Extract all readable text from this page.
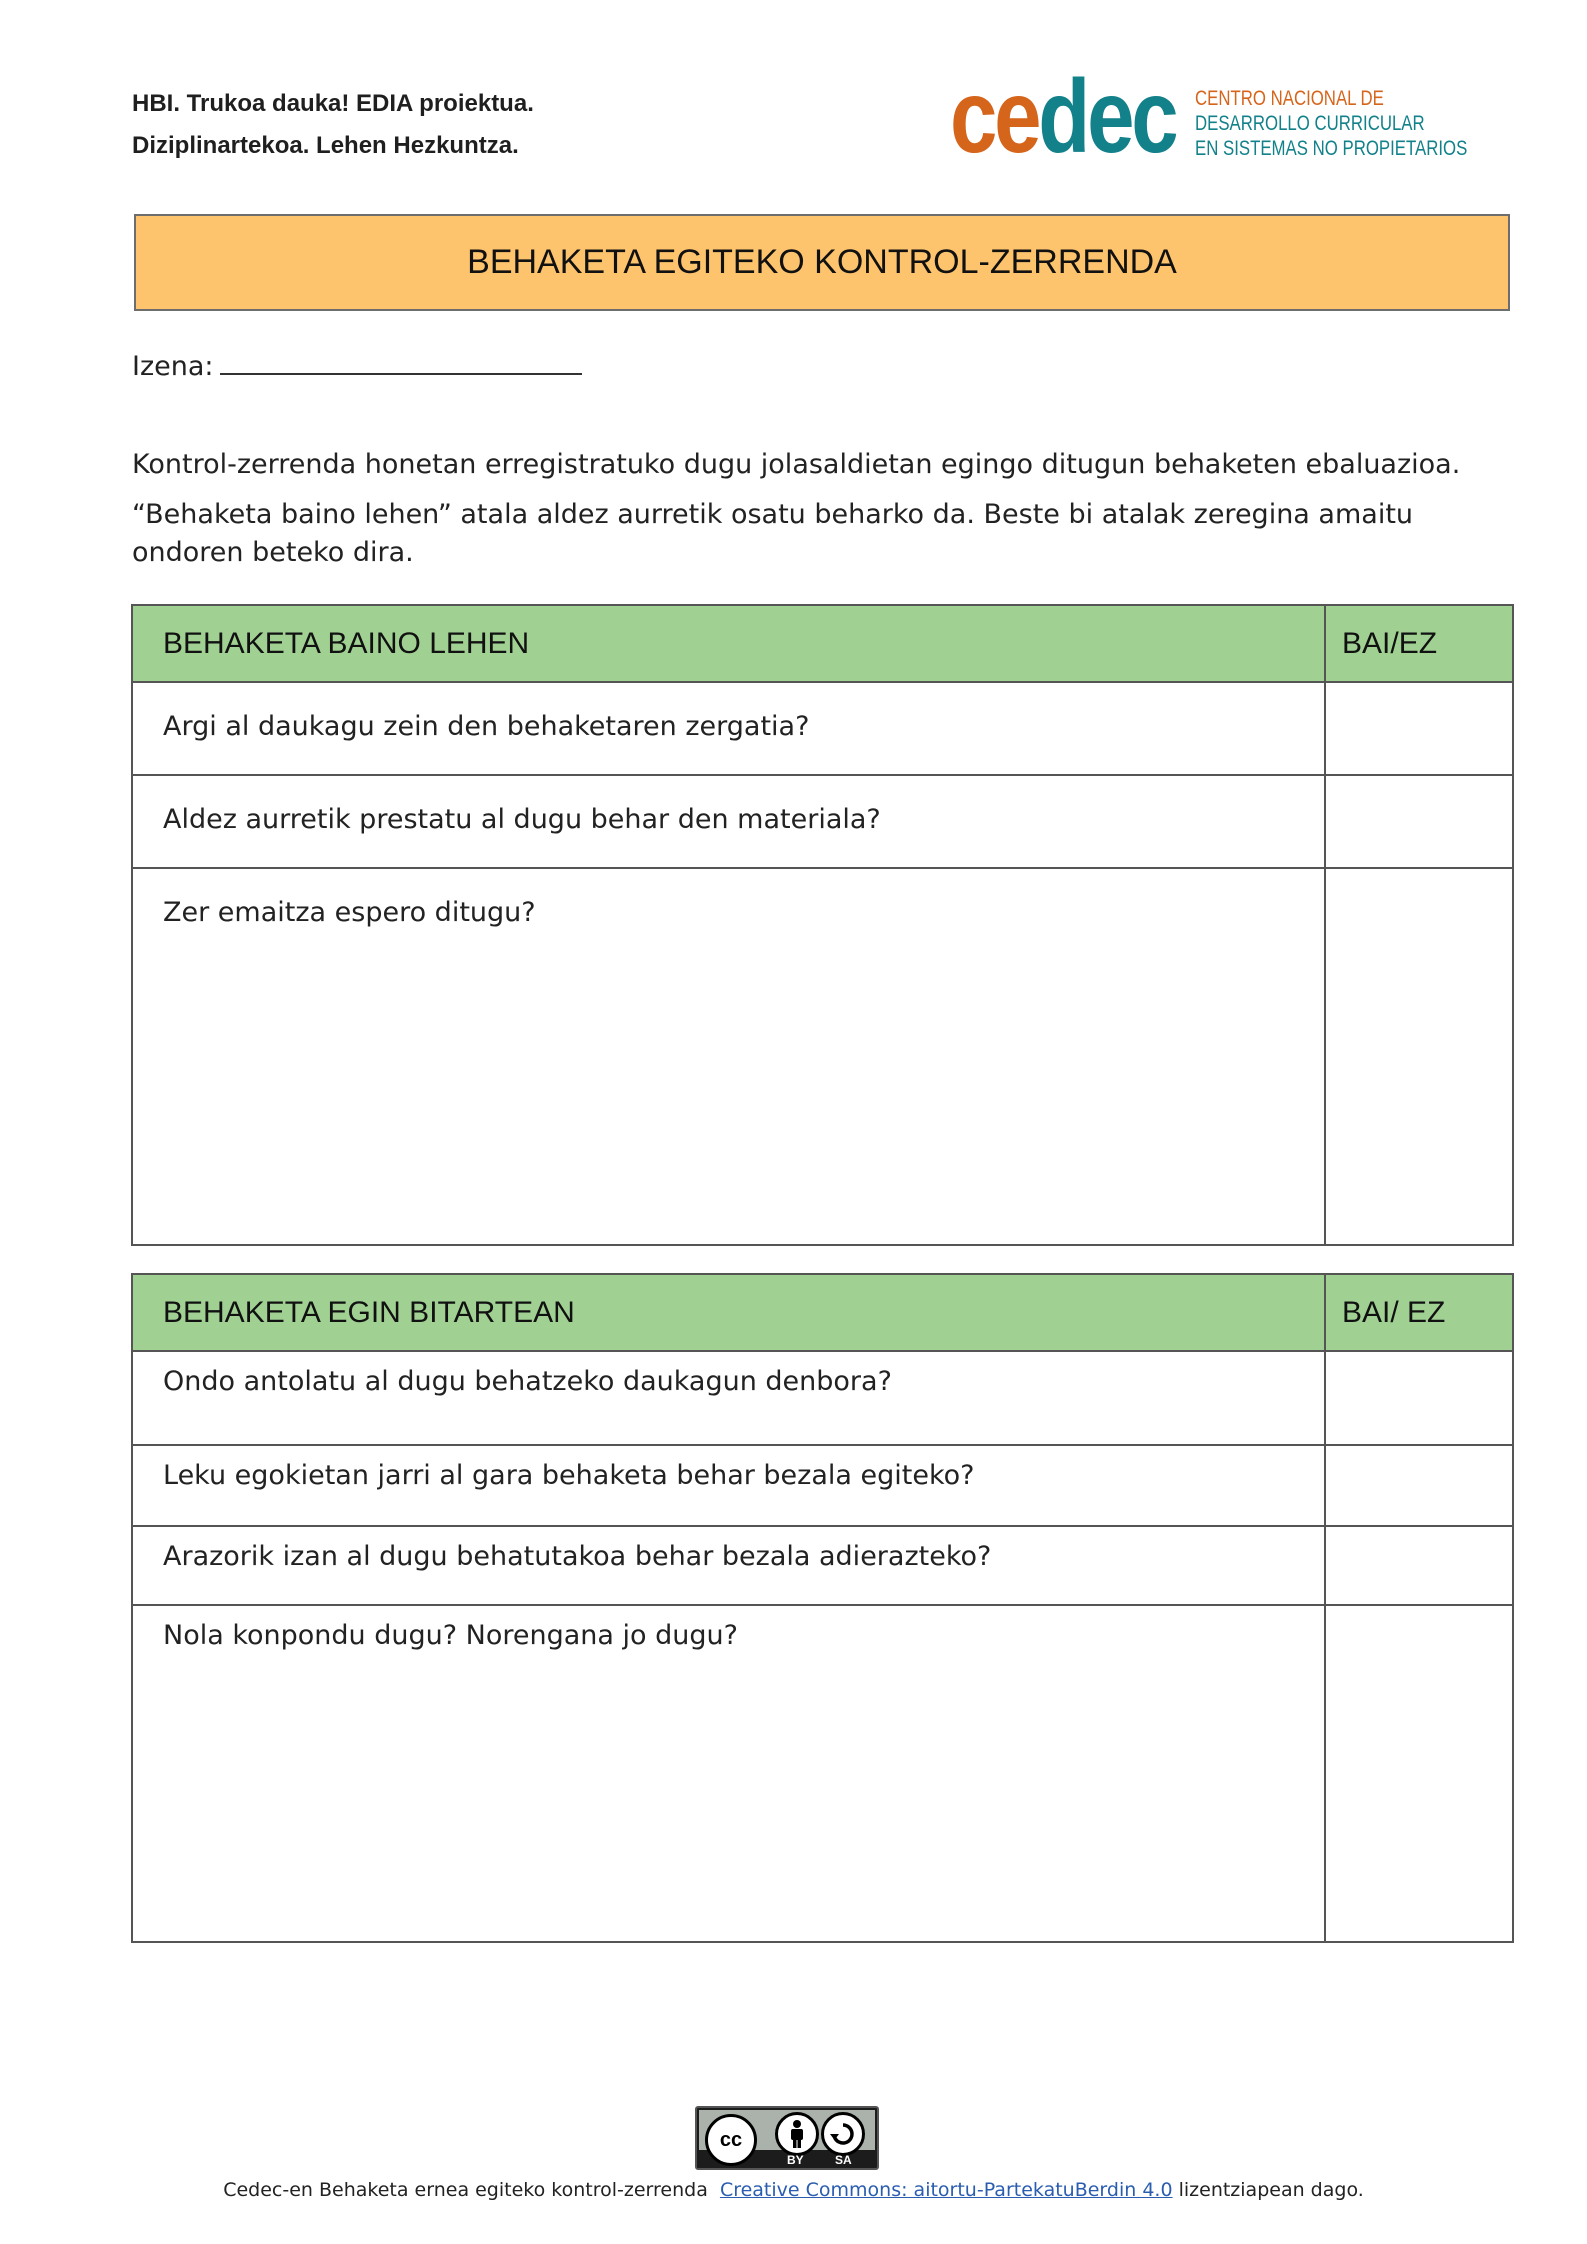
HBI. Trukoa dauka! EDIA proiektua.
Diziplinartekoa. Lehen Hezkuntza.	cedec CENTRO NACIONAL DE
DESARROLLO CURRICULAR
EN SISTEMAS NO PROPIETARIOS
BEHAKETA EGITEKO KONTROL-ZERRENDA
Izena:
Kontrol-zerrenda honetan erregistratuko dugu jolasaldietan egingo ditugun behaketen ebaluazioa.
“Behaketa baino lehen” atala aldez aurretik osatu beharko da. Beste bi atalak zeregina amaitu ondoren beteko dira.
BEHAKETA BAINO LEHEN	BAI/EZ
Argi al daukagu zein den behaketaren zergatia?	
Aldez aurretik prestatu al dugu behar den materiala?	
Zer emaitza espero ditugu?	
BEHAKETA EGIN BITARTEAN	BAI/ EZ
Ondo antolatu al dugu behatzeko daukagun denbora?	
Leku egokietan jarri al gara behaketa behar bezala egiteko?	
Arazorik izan al dugu behatutakoa behar bezala adierazteko?	
Nola konpondu dugu? Norengana jo dugu?	
cc
BY	SA
Cedec-en Behaketa ernea egiteko kontrol-zerrenda Creative Commons: aitortu-PartekatuBerdin 4.0 lizentziapean dago.
